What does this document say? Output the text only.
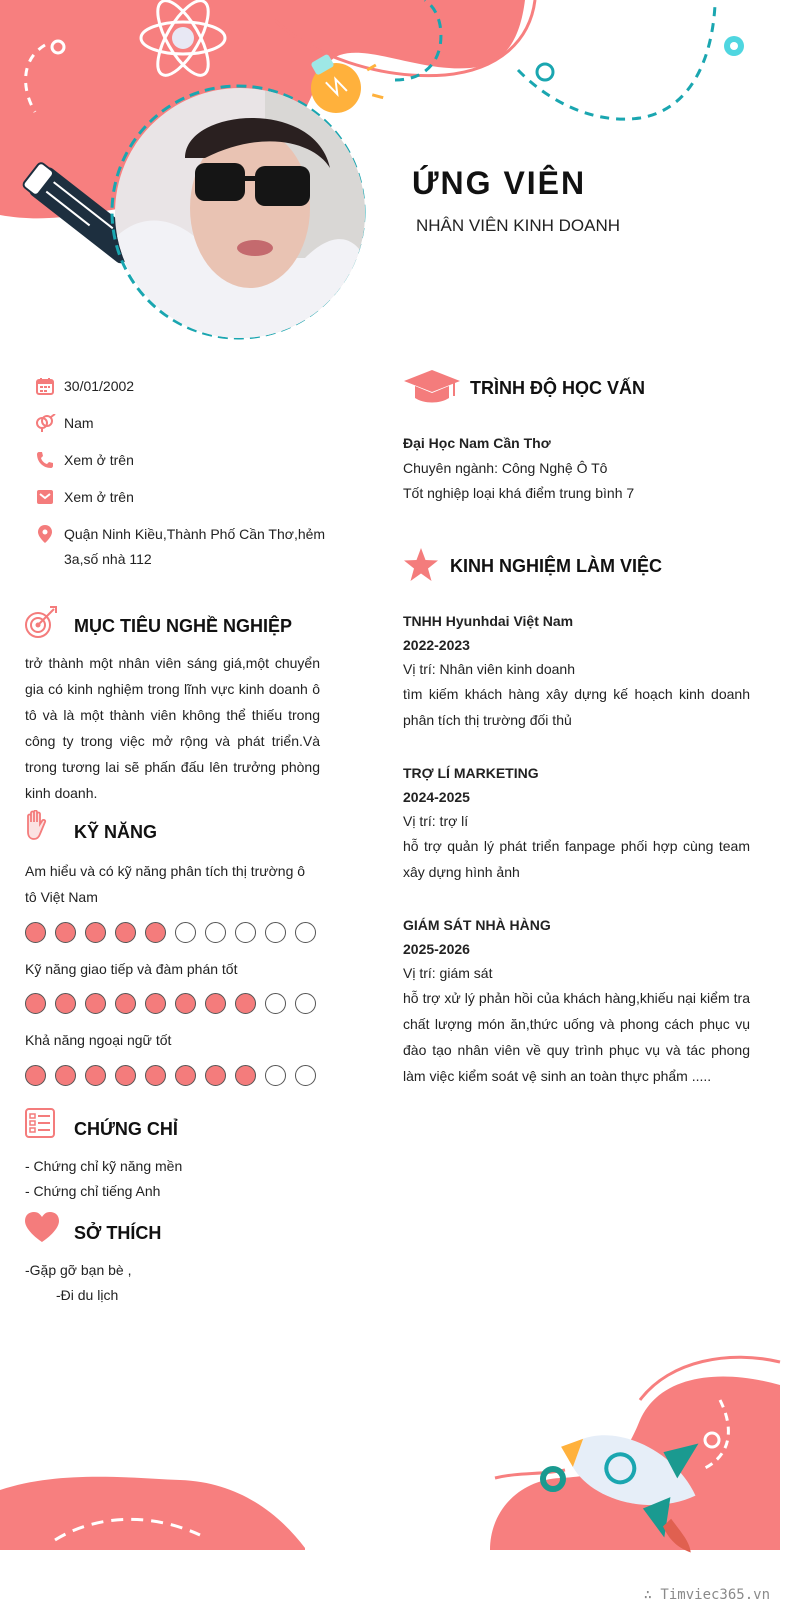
ỨNG VIÊN
NHÂN VIÊN KINH DOANH
30/01/2002
Nam
Xem ở trên
Xem ở trên
Quận Ninh Kiều,Thành Phố Cần Thơ,hẻm 3a,số nhà 112
MỤC TIÊU NGHỀ NGHIỆP
trở thành một nhân viên sáng giá,một chuyển gia có kinh nghiệm trong lĩnh vực kinh doanh ô tô và là một thành viên không thể thiếu trong công ty trong việc mở rộng và phát triển.Và trong tương lai sẽ phấn đấu lên trưởng phòng kinh doanh.
KỸ NĂNG
Am hiểu và có kỹ năng phân tích thị trường ô tô Việt Nam
Kỹ năng giao tiếp và đàm phán tốt
Khả năng ngoại ngữ tốt
CHỨNG CHỈ
- Chứng chỉ kỹ năng mền
- Chứng chỉ tiếng Anh
SỞ THÍCH
-Gặp gỡ bạn bè ,
-Đi du lịch
TRÌNH ĐỘ HỌC VẤN
Đại Học Nam Cần Thơ
Chuyên ngành: Công Nghệ Ô Tô
Tốt nghiệp loại khá điểm trung bình 7
KINH NGHIỆM LÀM VIỆC
TNHH Hyunhdai Việt Nam
2022-2023
Vị trí: Nhân viên kinh doanh
tìm kiếm khách hàng xây dựng kế hoạch kinh doanh phân tích thị trường đối thủ
TRỢ LÍ MARKETING
2024-2025
Vị trí: trợ lí
hỗ trợ quản lý phát triển fanpage phối hợp cùng team xây dựng hình ảnh
GIÁM SÁT NHÀ HÀNG
2025-2026
Vị trí: giám sát
hỗ trợ xử lý phản hồi của khách hàng,khiếu nại kiểm tra chất lượng món ăn,thức uống và phong cách phục vụ đào tạo nhân viên về quy trình phục vụ và tác phong làm việc kiểm soát vệ sinh an toàn thực phẩm .....
∴ Timviec365.vn
